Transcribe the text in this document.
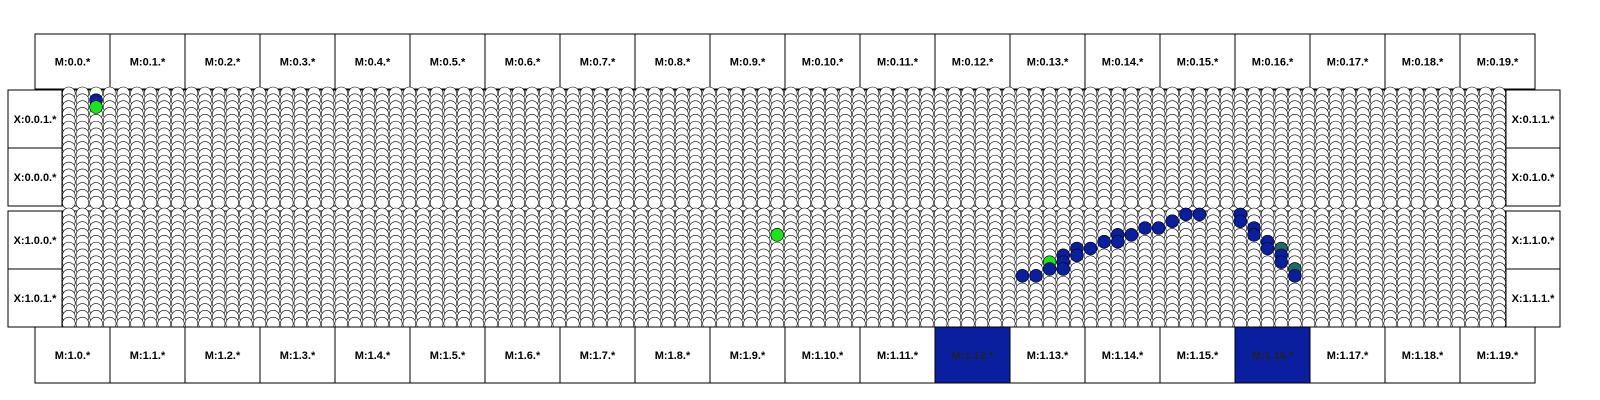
M:0.0.*	M:0.1.*	M:0.2.*	M:0.3.*	M:0.4.*	M:0.5.*	M:0.6.*	M:0.7.*	M:0.8.*	M:0.9.*	M:0.10.*	M:0.11.*	M:0.12.*	M:0.13.*	M:0.14.*	M:0.15.*	M:0.16.*	M:0.17.*	M:0.18.*	M:0.19.*
X:0.0.1.*
X:0.0.0.*
X:1.0.0.*
X:1.0.1.*
X:0.1.1.*
X:0.1.0.*
X:1.1.0.*
X:1.1.1.*
M:1.0.*	M:1.1.*	M:1.2.*	M:1.3.*	M:1.4.*	M:1.5.*	M:1.6.*	M:1.7.*	M:1.8.*	M:1.9.*	M:1.10.*	M:1.11.*	M:1.12.*	M:1.13.*	M:1.14.*	M:1.15.*	M:1.16.*	M:1.17.*	M:1.18.*	M:1.19.*
